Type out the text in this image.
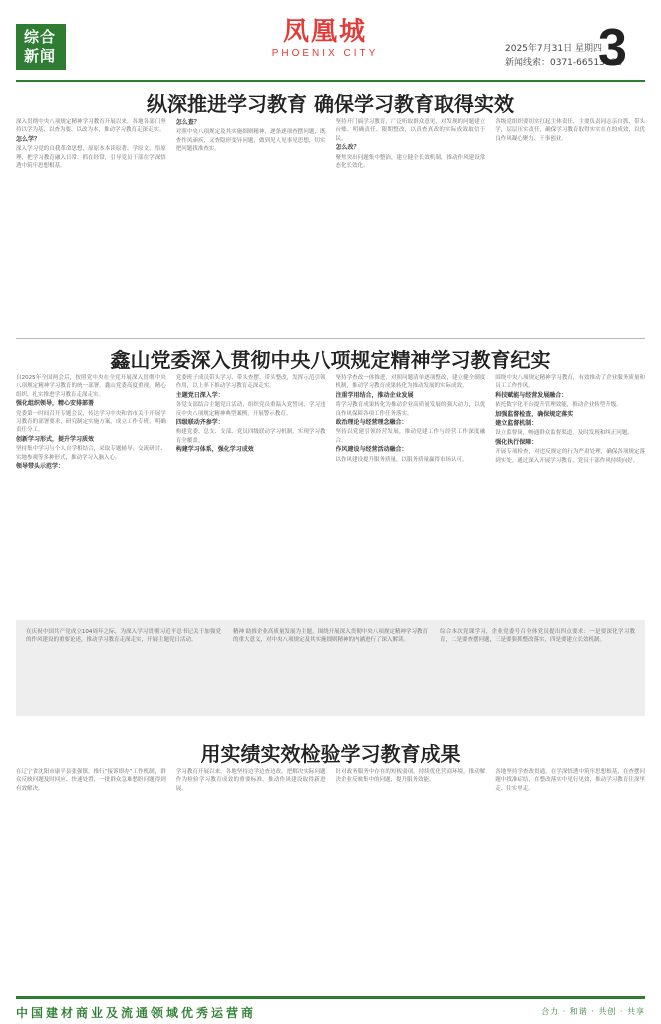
综合
新闻
凤凰城
PHOENIX CITY	2025年7月31日 星期四
新闻线索：0371-66513888
3
纵深推进学习教育 确保学习教育取得实效
深入贯彻中央八项规定精神学习教育开展以来，各地各部门坚持以学为基、以查为要、以改为本，推动学习教育走深走实。
怎么学？
深入学习党的自我革命思想，原原本本读原著、学原文、悟原理，把学习教育融入日常、抓在经常，引导党员干部在学深悟透中筑牢思想根基。
怎么查？
对照中央八项规定及其实施细则精神，逐条逐项查摆问题，既查作风顽疾，又查隐形变异问题，做到见人见事见思想，切实把问题找准查实。
坚持开门搞学习教育，广泛听取群众意见，对发现的问题建立台账、明确责任、限期整改，以真查真改的实际成效取信于民。
怎么改？
聚焦突出问题集中整治，建立健全长效机制，推动作风建设常态化长效化。
各级党组织要切实扛起主体责任，主要负责同志亲自抓、带头学，层层压实责任，确保学习教育取得实实在在的成效，以优良作风凝心聚力、干事创业。
鑫山党委深入贯彻中央八项规定精神学习教育纪实
自2025年全国两会后，按照党中央在全党开展深入贯彻中央八项规定精神学习教育的统一部署，鑫山党委高度重视，精心组织，扎实推进学习教育走深走实。
强化组织领导，精心安排部署
党委第一时间召开专题会议，传达学习中央和省市关于开展学习教育的部署要求，研究制定实施方案，成立工作专班，明确责任分工。
创新学习形式，提升学习质效
坚持集中学习与个人自学相结合，采取专题辅导、交流研讨、实地参观等多种形式，推动学习入脑入心。
领导带头示范学：
党委班子成员带头学习、带头查摆、带头整改，发挥示范引领作用，以上率下推动学习教育走深走实。
主题党日深入学：
各党支部结合主题党日活动，组织党员重温入党誓词，学习违反中央八项规定精神典型案例，开展警示教育。
四级联动齐参学：
构建党委、总支、支部、党员四级联动学习机制，实现学习教育全覆盖。
构建学习体系，强化学习成效
坚持学查改一体推进，对照问题清单逐项整改，建立健全制度机制，推动学习教育成果转化为推动发展的实际成效。
注重学用结合，推动企业发展
将学习教育成果转化为推动企业高质量发展的强大动力，以优良作风保障各项工作任务落实。
政治理论与经营理念融合：
坚持以党建引领经营发展，推动党建工作与经营工作深度融合。
作风建设与经营活动融合：
以作风建设提升服务质量，以服务质量赢得市场认可。
围绕中央八项规定精神学习教育，有效推动了企业服务质量和员工工作作风。
科技赋能与经营发展融合：
依托数字化平台提升管理效能，推动企业转型升级。
加强监督检查，确保规定落实
建立监督机制：
设立监督岗，畅通群众监督渠道，及时发现和纠正问题。
强化执行保障：
开展专项检查，对违反规定的行为严肃处理，确保各项规定落到实处。通过深入开展学习教育，党员干部作风持续向好。
在庆祝中国共产党成立104周年之际，为深入学习贯彻习近平总书记关于加强党的作风建设的重要论述，推动学习教育走深走实，开展主题党日活动。
精神 助推企业高质量发展为主题，围绕开展深入贯彻中央八项规定精神学习教育的重大意义，对中央八项规定及其实施细则精神的内涵进行了深入解读。
综合本次党课学习，企业党委号召全体党员提出四点要求：一是要深化学习教育，二是要查摆问题，三是要狠抓整改落实，四是要建立长效机制。
用实绩实效检验学习教育成果
在辽宁省沈阳市康平县张强镇，推行“接诉即办”工作机制，群众反映问题及时回应、快速处置，一批群众急难愁盼问题得到有效解决。
学习教育开展以来，各地坚持边学边查边改，把解决实际问题作为检验学习教育成效的重要标准，推动作风建设取得新进展。
针对政务服务中存在的短板弱项，持续优化营商环境，推动解决企业反映集中的问题，提升服务效能。
各地坚持学查改贯通，在学深悟透中筑牢思想根基，在查摆问题中找准症结，在整改落实中见行见效，推动学习教育往深里走、往实里走。
中国建材商业及流通领域优秀运营商	合力 · 和谐 · 共创 · 共享
